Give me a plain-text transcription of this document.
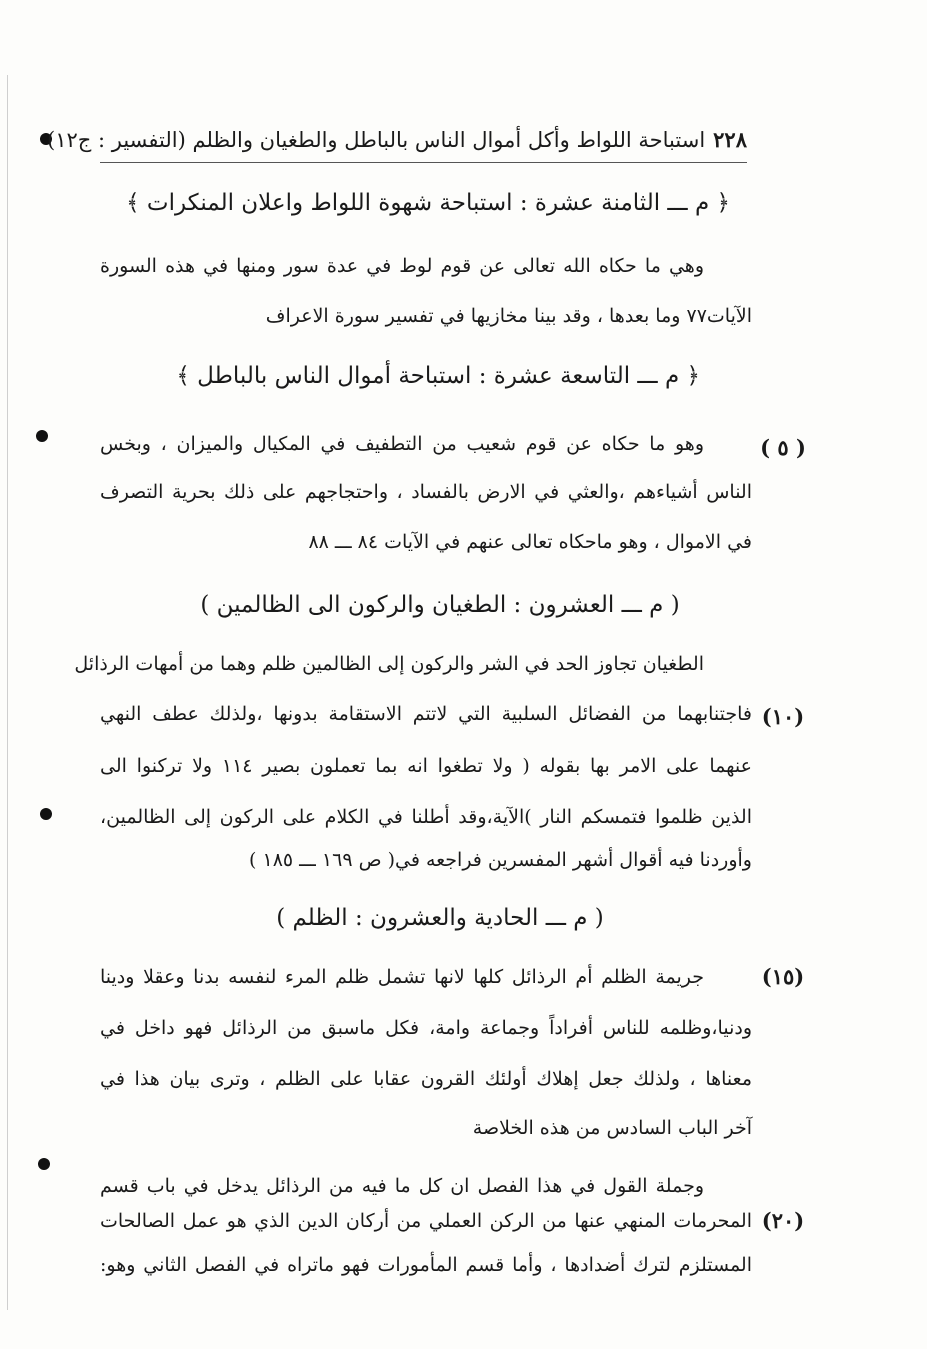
٢٢٨استباحة اللواط وأكل أموال الناس بالباطل والطغيان والظلم (التفسير : ج١٢)
﴿ م ـــ الثامنة عشرة : استباحة شهوة اللواط واعلان المنكرات ﴾
وهي ما حكاه الله تعالى عن قوم لوط في عدة سور ومنها في هذه السورة
الآيات٧٧ وما بعدها ، وقد بينا مخازيها في تفسير سورة الاعراف
﴿ م ـــ التاسعة عشرة : استباحة أموال الناس بالباطل ﴾
( ٥ )
وهو ما حكاه عن قوم شعيب من التطفيف في المكيال والميزان ، وبخس
الناس أشياءهم ،والعثي في الارض بالفساد ، واحتجاجهم على ذلك بحرية التصرف
في الاموال ، وهو ماحكاه تعالى عنهم في الآيات ٨٤ ـــ ٨٨
( م ـــ العشرون : الطغيان والركون الى الظالمين )
الطغيان تجاوز الحد في الشر والركون إلى الظالمين ظلم وهما من أمهات الرذائل
(١٠)
فاجتنابهما من الفضائل السلبية التي لاتتم الاستقامة بدونها ،ولذلك عطف النهي
عنهما على الامر بها بقوله ( ولا تطغوا انه بما تعملون بصير ١١٤ ولا تركنوا الى
الذين ظلموا فتمسكم النار )الآية،وقد أطلنا في الكلام على الركون إلى الظالمين،
وأوردنا فيه أقوال أشهر المفسرين فراجعه في( ص ١٦٩ ـــ ١٨٥ )
( م ـــ الحادية والعشرون : الظلم )
(١٥)
جريمة الظلم أم الرذائل كلها لانها تشمل ظلم المرء لنفسه بدنا وعقلا ودينا
ودنيا،وظلمه للناس أفراداً وجماعة وامة، فكل ماسبق من الرذائل فهو داخل في
معناها ، ولذلك جعل إهلاك أولئك القرون عقابا على الظلم ، وترى بيان هذا في
آخر الباب السادس من هذه الخلاصة
وجملة القول في هذا الفصل ان كل ما فيه من الرذائل يدخل في باب قسم
(٢٠)
المحرمات المنهي عنها من الركن العملي من أركان الدين الذي هو عمل الصالحات
المستلزم لترك أضدادها ، وأما قسم المأمورات فهو ماتراه في الفصل الثاني وهو:
